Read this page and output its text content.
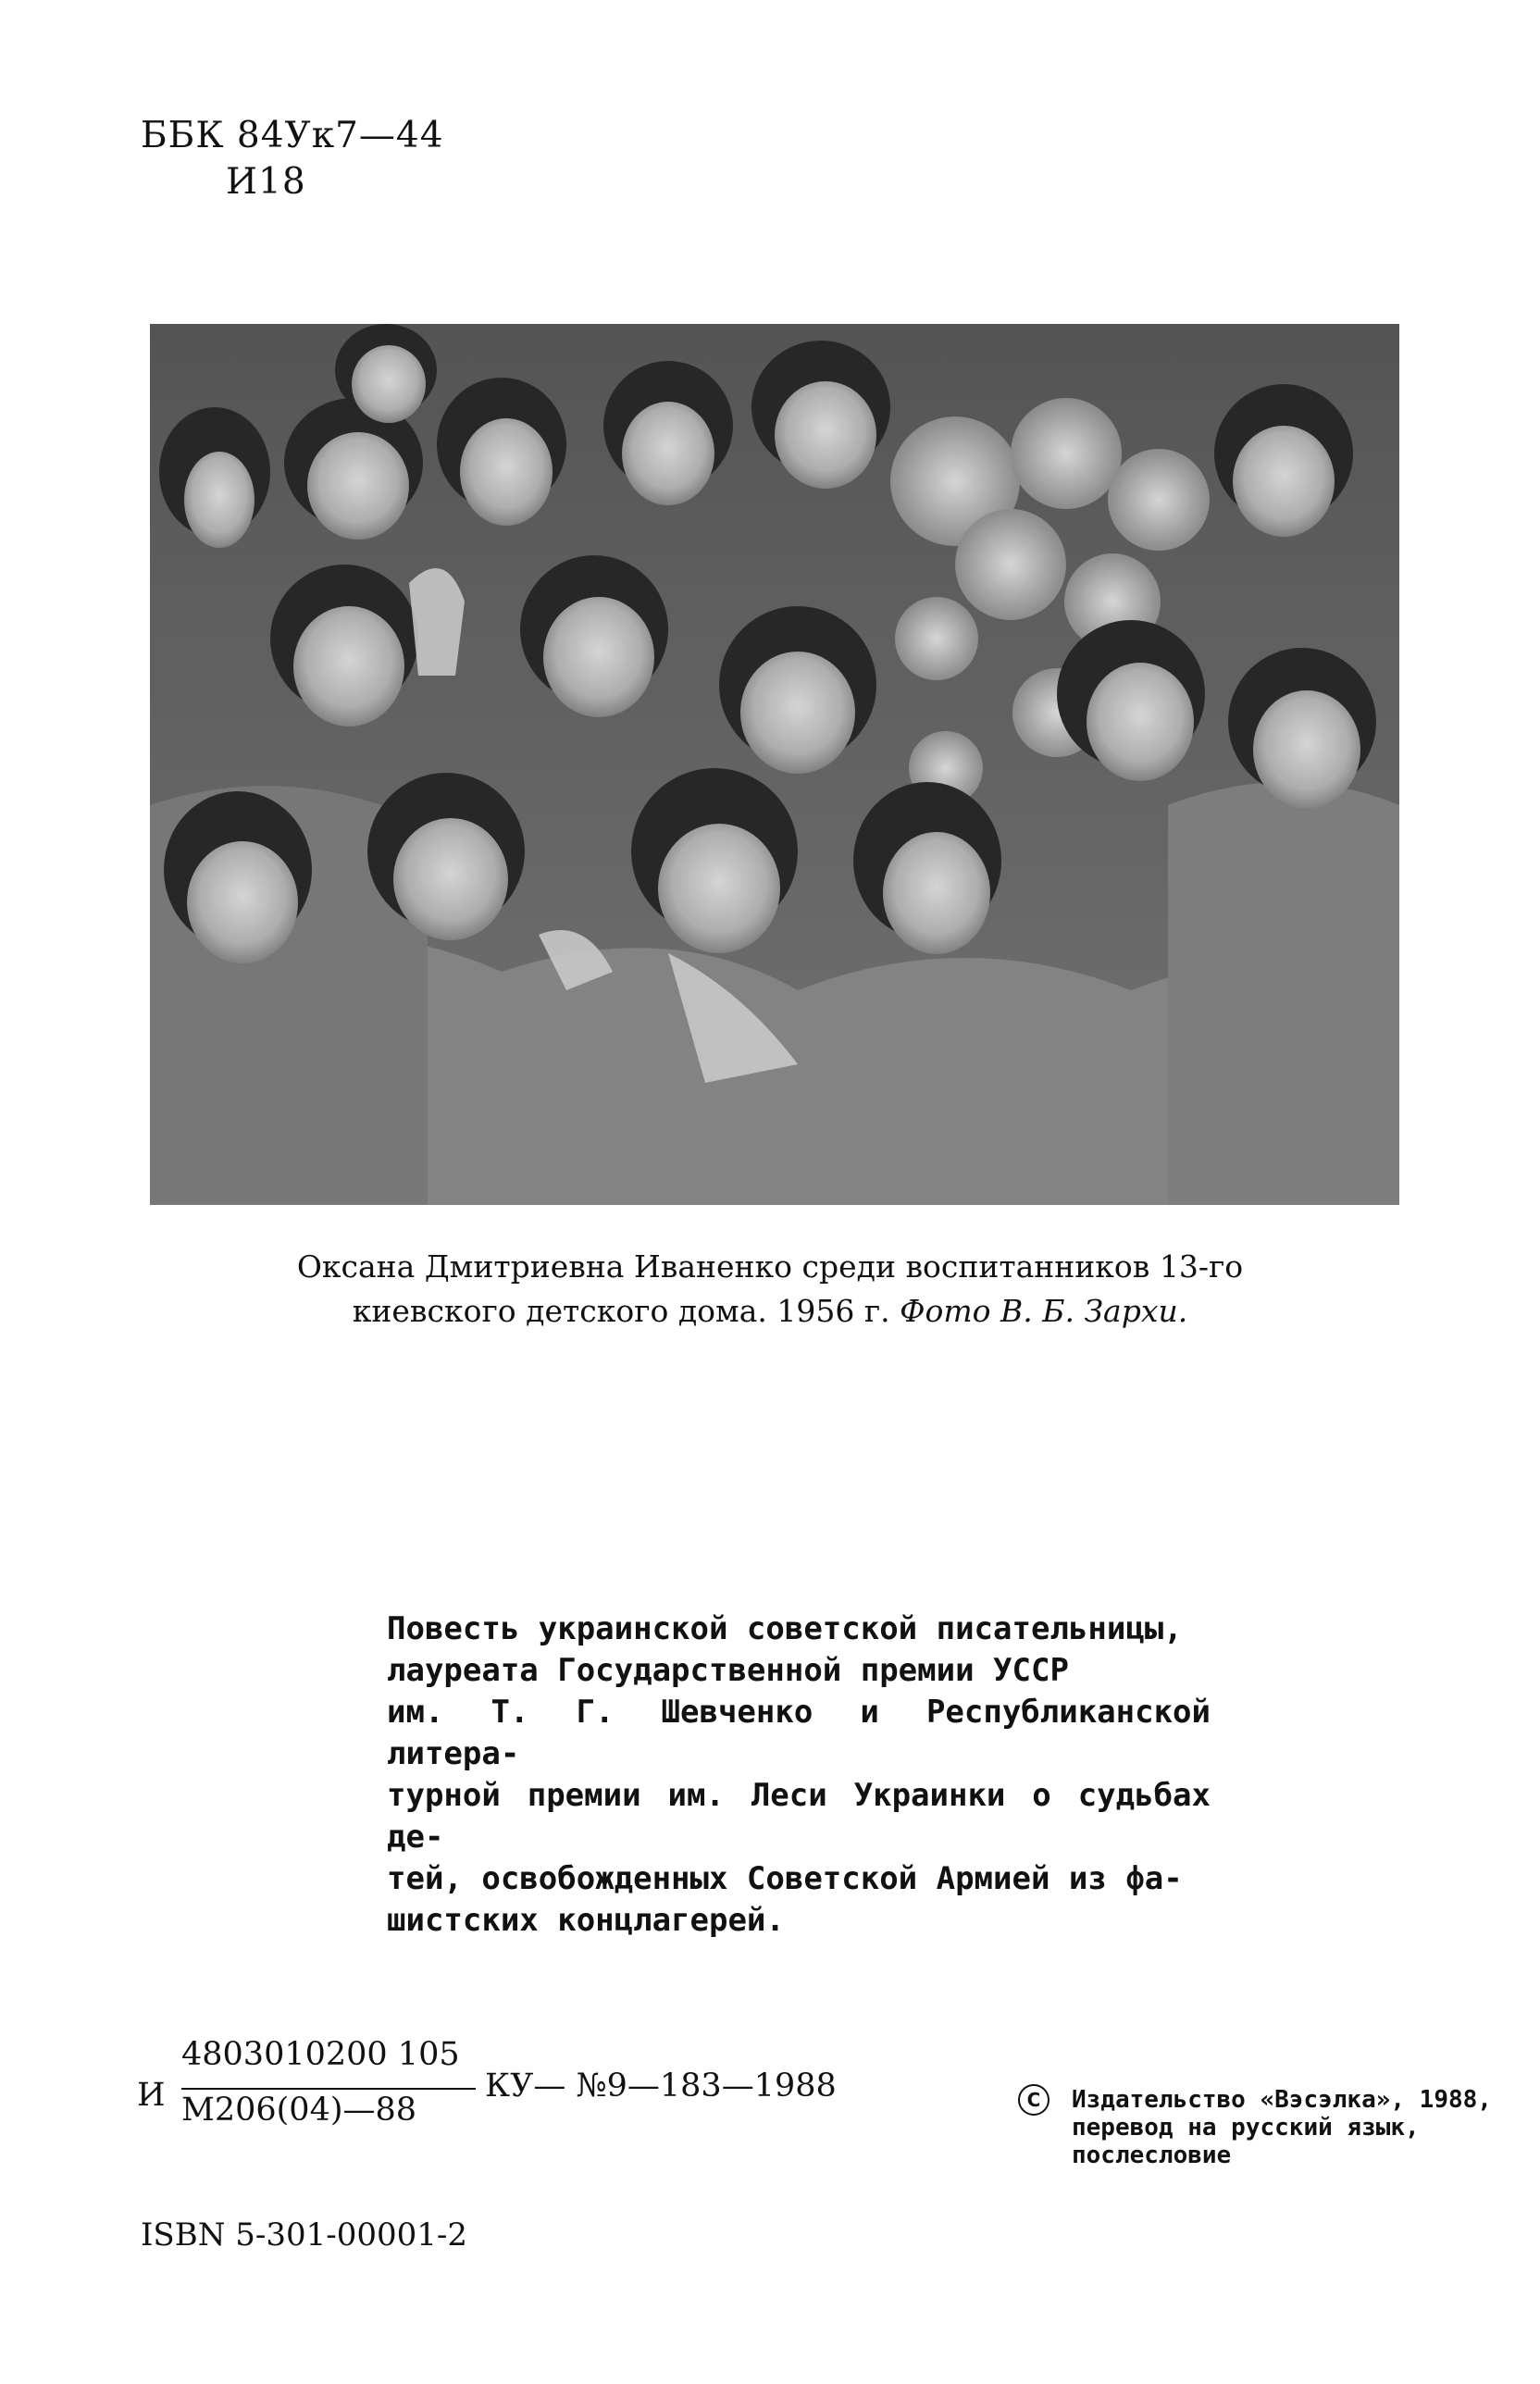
ББК 84Ук7—44
И18
Оксана Дмитриевна Иваненко среди воспитанников 13-го
киевского детского дома. 1956 г. Фото В. Б. Зархи.
Повесть украинской советской писательницы,
лауреата Государственной премии УССР
им. Т. Г. Шевченко и Республиканской литера-
турной премии им. Леси Украинки о судьбах де-
тей, освобожденных Советской Армией из фа-
шистских концлагерей.
И
4803010200 105
М206(04)—88
КУ— №9—183—1988
ISBN 5-301-00001-2
C	Издательство «Вэсэлка», 1988,
перевод на русский язык,
послесловие
